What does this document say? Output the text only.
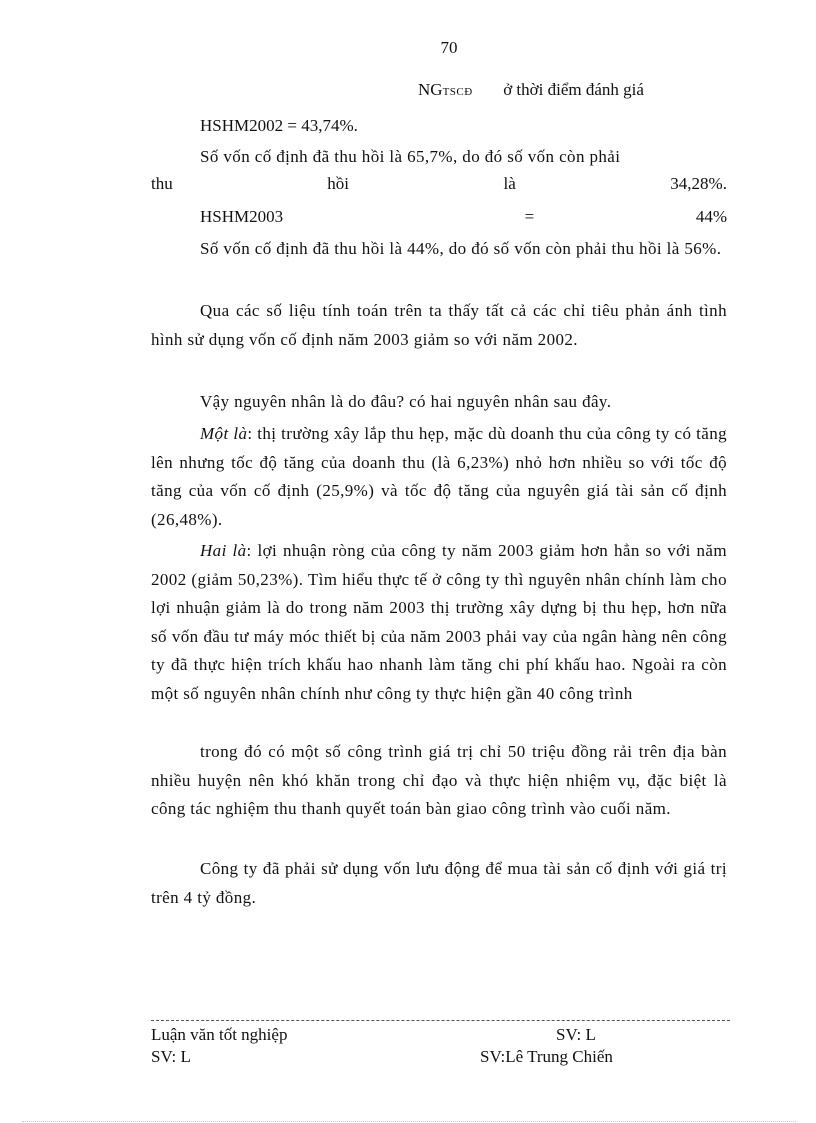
70
NGTSCĐ ở thời điểm đánh giá
HSHM2002 = 43,74%.
Số vốn cố định đã thu hồi là 65,7%, do đó số vốn còn phải
thu	hồi	là	34,28%.
HSHM2003	=	44%
Số vốn cố định đã thu hồi là 44%, do đó số vốn còn phải thu hồi là 56%.
Qua các số liệu tính toán trên ta thấy tất cả các chỉ tiêu phản ánh tình hình sử dụng vốn cố định năm 2003 giảm so với năm 2002.
Vậy nguyên nhân là do đâu? có hai nguyên nhân sau đây.
Một là: thị trường xây lắp thu hẹp, mặc dù doanh thu của công ty có tăng lên nhưng tốc độ tăng của doanh thu (là 6,23%) nhỏ hơn nhiều so với tốc độ tăng của vốn cố định (25,9%) và tốc độ tăng của nguyên giá tài sản cố định (26,48%).
Hai là: lợi nhuận ròng của công ty năm 2003 giảm hơn hẳn so với năm 2002 (giảm 50,23%). Tìm hiểu thực tế ở công ty thì nguyên nhân chính làm cho lợi nhuận giảm là do trong năm 2003 thị trường xây dựng bị thu hẹp, hơn nữa số vốn đầu tư máy móc thiết bị của năm 2003 phải vay của ngân hàng nên công ty đã thực hiện trích khấu hao nhanh làm tăng chi phí khấu hao. Ngoài ra còn một số nguyên nhân chính như công ty thực hiện gần 40 công trình
trong đó có một số công trình giá trị chỉ 50 triệu đồng rải trên địa bàn nhiều huyện nên khó khăn trong chỉ đạo và thực hiện nhiệm vụ, đặc biệt là công tác nghiệm thu thanh quyết toán bàn giao công trình vào cuối năm.
Công ty đã phải sử dụng vốn lưu động để mua tài sản cố định với giá trị trên 4 tỷ đồng.
Luận văn tốt nghiệp	SV: L
SV: L	SV:Lê Trung Chiến
